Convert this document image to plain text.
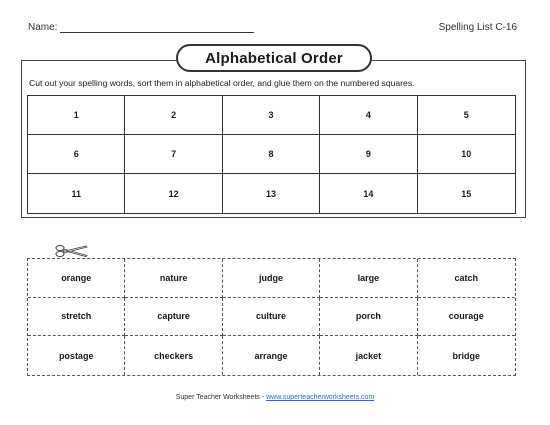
Name:	Spelling List C-16
Alphabetical Order
Cut out your spelling words, sort them in alphabetical order, and glue them on the numbered squares.
1	2	3	4	5
6	7	8	9	10
11	12	13	14	15
orange	nature	judge	large	catch
stretch	capture	culture	porch	courage
postage	checkers	arrange	jacket	bridge
Super Teacher Worksheets - www.superteacherworksheets.com
